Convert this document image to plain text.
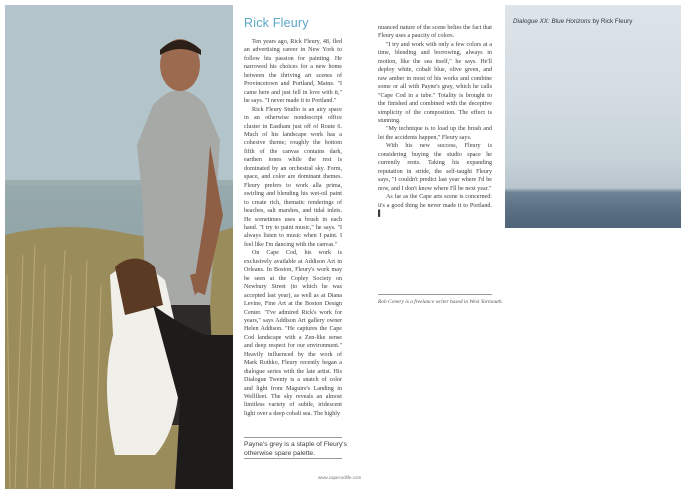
Rick Fleury

Ten years ago, Rick Fleury, 48, fled an advertising career in New York to follow his passion for painting. He narrowed his choices for a new home between the thriving art scenes of Provincetown and Portland, Maine. "I came here and just fell in love with it," he says. "I never made it to Portland."

Rick Fleury Studio is an airy space in an otherwise nondescript office cluster in Eastham just off of Route 6. Much of his landscape work has a cohesive theme; roughly the bottom fifth of the canvas contains dark, earthen tones while the rest is dominated by an orchestral sky. Form, space, and color are dominant themes. Fleury prefers to work alla prima, swirling and blending his wet-oil paint to create rich, thematic renderings of beaches, salt marshes, and tidal inlets. He sometimes uses a brush in each hand. "I try to paint music," he says. "I always listen to music when I paint. I feel like I'm dancing with the canvas."

On Cape Cod, his work is exclusively available at Addison Art in Orleans. In Boston, Fleury's work may be seen at the Copley Society on Newbury Street (to which he was accepted last year), as well as at Diana Levine, Fine Art at the Boston Design Center. "I've admired Rick's work for years," says Addison Art gallery owner Helen Addison. "He captures the Cape Cod landscape with a Zen-like sense and deep respect for our environment." Heavily influenced by the work of Mark Rothko, Fleury recently began a dialogue series with the late artist. His Dialogue Twenty is a snatch of color and light from Maguire's Landing in Wellfleet. The sky reveals an almost limitless variety of subtle, iridescent light over a deep cobalt sea. The highly

Payne's grey is a staple of Fleury's otherwise spare palette.
www.capecodlife.com

nuanced nature of the scene belies the fact that Fleury uses a paucity of colors.

"I try and work with only a few colors at a time, blending and borrowing, always in motion, like the sea itself," he says. He'll deploy white, cobalt blue, olive green, and raw amber in most of his works and combine some or all with Payne's gray, which he calls "Cape Cod in a tube." Totality is brought to the finished and combined with the deceptive simplicity of the composition. The effect is stunning.

"My technique is to load up the brush and let the accidents happen," Fleury says.

With his new success, Fleury is considering buying the studio space he currently rents. Taking his expanding reputation in stride, the self-taught Fleury says, "I couldn't predict last year where I'd be now, and I don't know where I'll be next year."

As far as the Cape arts scene is concerned: it's a good thing he never made it to Portland. ▌

Rob Conery is a freelance writer based in West Yarmouth.
Dialogue XX: Blue Horizons by Rick Fleury
